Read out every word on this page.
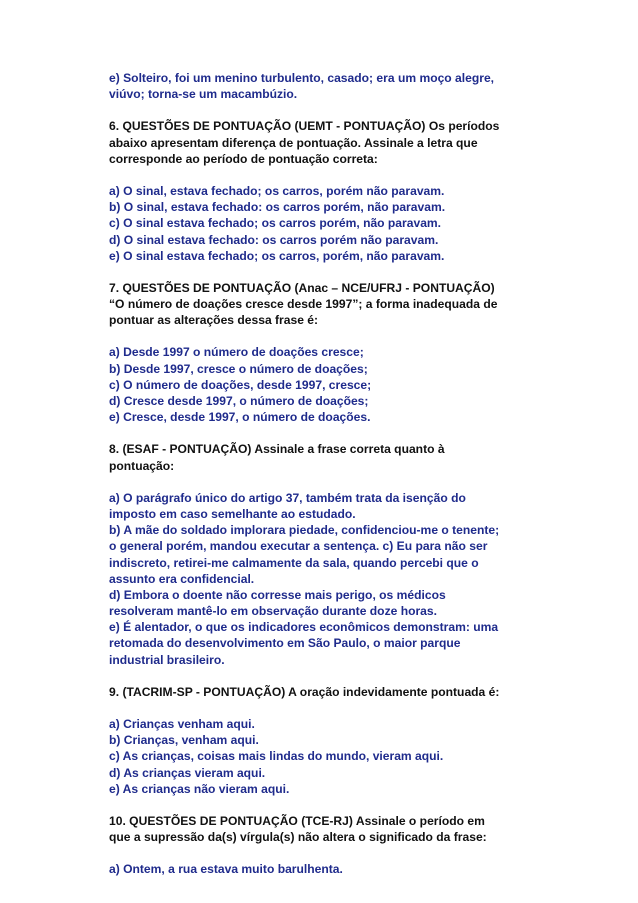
e) Solteiro, foi um menino turbulento, casado; era um moço alegre,
viúvo; torna-se um macambúzio.
6. QUESTÕES DE PONTUAÇÃO (UEMT - PONTUAÇÃO) Os períodos
abaixo apresentam diferença de pontuação. Assinale a letra que
corresponde ao período de pontuação correta:
a) O sinal, estava fechado; os carros, porém não paravam.
b) O sinal, estava fechado: os carros porém, não paravam.
c) O sinal estava fechado; os carros porém, não paravam.
d) O sinal estava fechado: os carros porém não paravam.
e) O sinal estava fechado; os carros, porém, não paravam.
7. QUESTÕES DE PONTUAÇÃO (Anac – NCE/UFRJ - PONTUAÇÃO)
“O número de doações cresce desde 1997”; a forma inadequada de
pontuar as alterações dessa frase é:
a) Desde 1997 o número de doações cresce;
b) Desde 1997, cresce o número de doações;
c) O número de doações, desde 1997, cresce;
d) Cresce desde 1997, o número de doações;
e) Cresce, desde 1997, o número de doações.
8. (ESAF - PONTUAÇÃO) Assinale a frase correta quanto à
pontuação:
a) O parágrafo único do artigo 37, também trata da isenção do
imposto em caso semelhante ao estudado.
b) A mãe do soldado implorara piedade, confidenciou-me o tenente;
o general porém, mandou executar a sentença. c) Eu para não ser
indiscreto, retirei-me calmamente da sala, quando percebi que o
assunto era confidencial.
d) Embora o doente não corresse mais perigo, os médicos
resolveram mantê-lo em observação durante doze horas.
e) É alentador, o que os indicadores econômicos demonstram: uma
retomada do desenvolvimento em São Paulo, o maior parque
industrial brasileiro.
9. (TACRIM-SP - PONTUAÇÃO) A oração indevidamente pontuada é:
a) Crianças venham aqui.
b) Crianças, venham aqui.
c) As crianças, coisas mais lindas do mundo, vieram aqui.
d) As crianças vieram aqui.
e) As crianças não vieram aqui.
10. QUESTÕES DE PONTUAÇÃO (TCE-RJ) Assinale o período em
que a supressão da(s) vírgula(s) não altera o significado da frase:
a) Ontem, a rua estava muito barulhenta.
